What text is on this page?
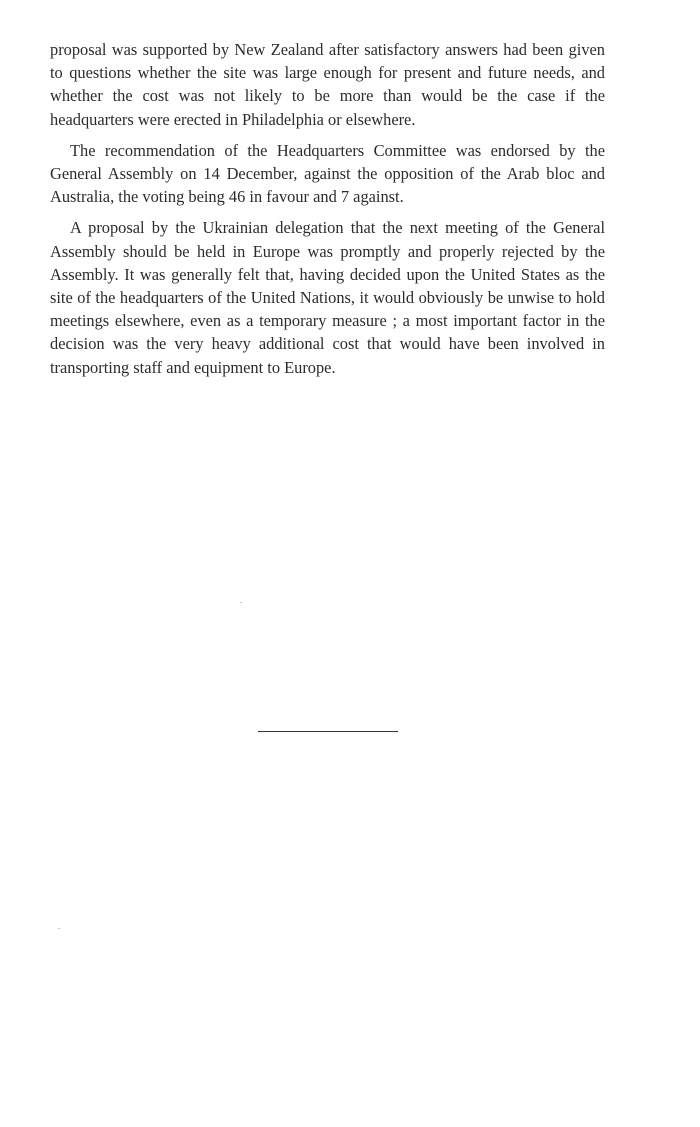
proposal was supported by New Zealand after satisfactory answers had been given to questions whether the site was large enough for present and future needs, and whether the cost was not likely to be more than would be the case if the headquarters were erected in Philadelphia or elsewhere.

The recommendation of the Headquarters Committee was endorsed by the General Assembly on 14 December, against the opposition of the Arab bloc and Australia, the voting being 46 in favour and 7 against.

A proposal by the Ukrainian delegation that the next meeting of the General Assembly should be held in Europe was promptly and properly rejected by the Assembly. It was generally felt that, having decided upon the United States as the site of the headquarters of the United Nations, it would obviously be unwise to hold meetings elsewhere, even as a temporary measure ; a most important factor in the decision was the very heavy additional cost that would have been involved in transporting staff and equipment to Europe.
